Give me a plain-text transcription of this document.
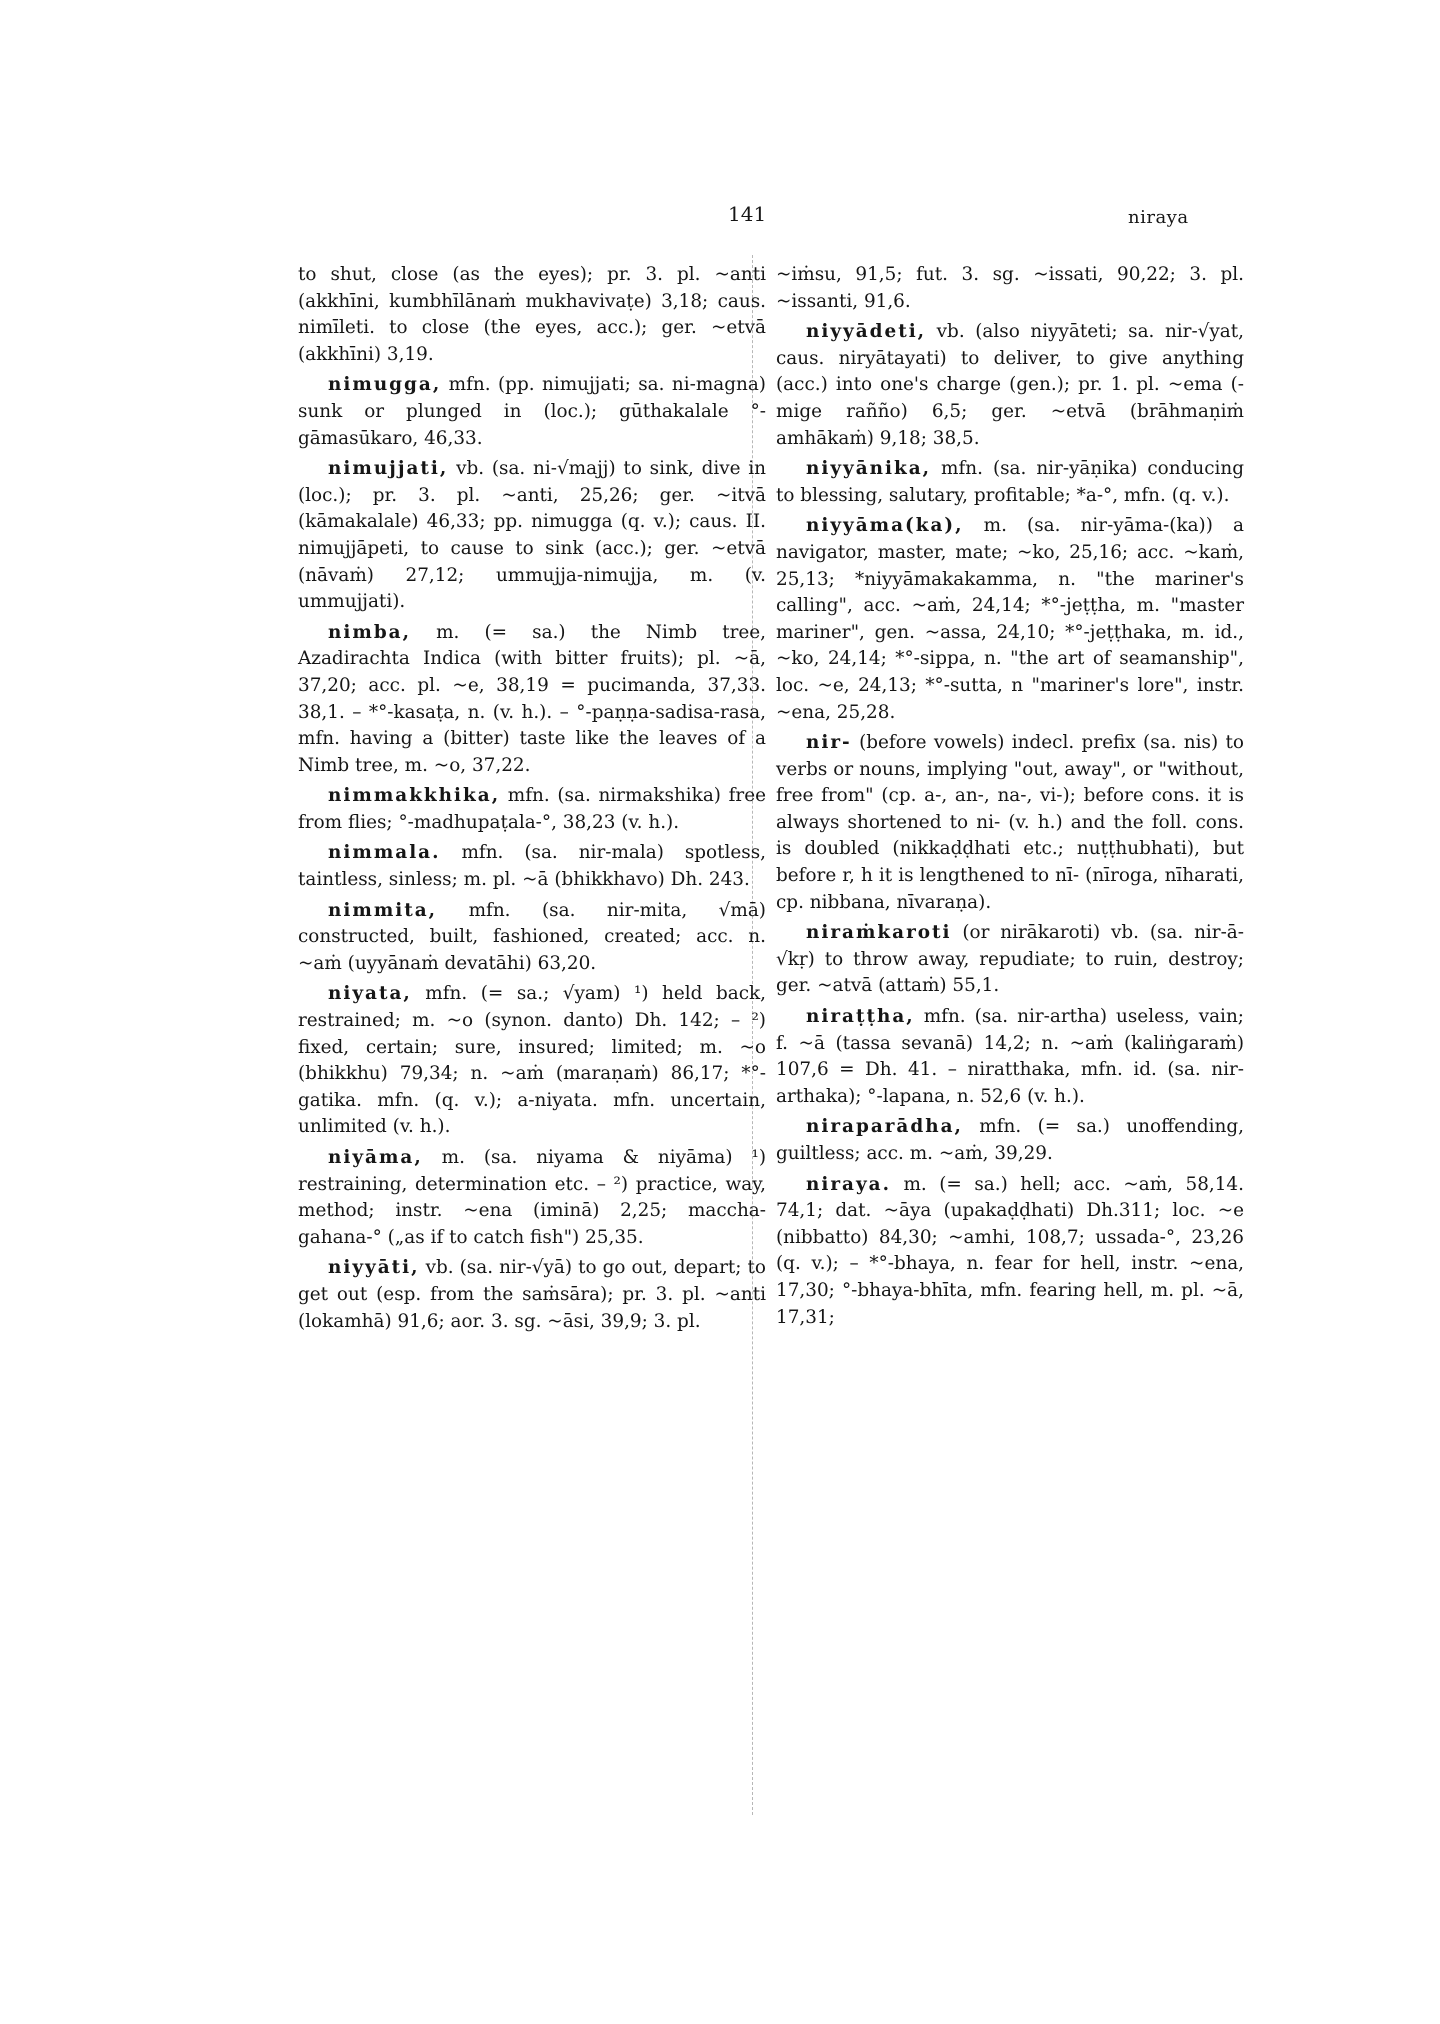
141	niraya

to shut, close (as the eyes); pr. 3. pl. ~anti (akkhīni, kumbhīlānaṁ mukhavivaṭe) 3,18; caus. nimīleti. to close (the eyes, acc.); ger. ~etvā (akkhīni) 3,19.

nimugga, mfn. (pp. nimujjati; sa. ni-magna) sunk or plunged in (loc.); gūthakalale °-gāmasūkaro, 46,33.

nimujjati, vb. (sa. ni-√majj) to sink, dive in (loc.); pr. 3. pl. ~anti, 25,26; ger. ~itvā (kāmakalale) 46,33; pp. nimugga (q. v.); caus. II. nimujjāpeti, to cause to sink (acc.); ger. ~etvā (nāvaṁ) 27,12; ummujja-nimujja, m. (v. ummujjati).

nimba, m. (= sa.) the Nimb tree, Azadirachta Indica (with bitter fruits); pl. ~ā, 37,20; acc. pl. ~e, 38,19 = pucimanda, 37,33. 38,1. – *°-kasaṭa, n. (v. h.). – °-paṇṇa-sadisa-rasa, mfn. having a (bitter) taste like the leaves of a Nimb tree, m. ~o, 37,22.

nimmakkhika, mfn. (sa. nirmakshika) free from flies; °-madhupaṭala-°, 38,23 (v. h.).

nimmala. mfn. (sa. nir-mala) spotless, taintless, sinless; m. pl. ~ā (bhikkhavo) Dh. 243.

nimmita, mfn. (sa. nir-mita, √mā) constructed, built, fashioned, created; acc. n. ~aṁ (uyyānaṁ devatāhi) 63,20.

niyata, mfn. (= sa.; √yam) ¹) held back, restrained; m. ~o (synon. danto) Dh. 142; – ²) fixed, certain; sure, insured; limited; m. ~o (bhikkhu) 79,34; n. ~aṁ (maraṇaṁ) 86,17; *°-gatika. mfn. (q. v.); a-niyata. mfn. uncertain, unlimited (v. h.).

niyāma, m. (sa. niyama & niyāma) ¹) restraining, determination etc. – ²) practice, way, method; instr. ~ena (iminā) 2,25; maccha-gahana-° („as if to catch fish") 25,35.

niyyāti, vb. (sa. nir-√yā) to go out, depart; to get out (esp. from the saṁsāra); pr. 3. pl. ~anti (lokamhā) 91,6; aor. 3. sg. ~āsi, 39,9; 3. pl.

~iṁsu, 91,5; fut. 3. sg. ~issati, 90,22; 3. pl. ~issanti, 91,6.

niyyādeti, vb. (also niyyāteti; sa. nir-√yat, caus. niryātayati) to deliver, to give anything (acc.) into one's charge (gen.); pr. 1. pl. ~ema (-mige rañño) 6,5; ger. ~etvā (brāhmaṇiṁ amhākaṁ) 9,18; 38,5.

niyyānika, mfn. (sa. nir-yāṇika) conducing to blessing, salutary, profitable; *a-°, mfn. (q. v.).

niyyāma(ka), m. (sa. nir-yāma-(ka)) a navigator, master, mate; ~ko, 25,16; acc. ~kaṁ, 25,13; *niyyāmakakamma, n. "the mariner's calling", acc. ~aṁ, 24,14; *°-jeṭṭha, m. "master mariner", gen. ~assa, 24,10; *°-jeṭṭhaka, m. id., ~ko, 24,14; *°-sippa, n. "the art of seamanship", loc. ~e, 24,13; *°-sutta, n "mariner's lore", instr. ~ena, 25,28.

nir- (before vowels) indecl. prefix (sa. nis) to verbs or nouns, implying "out, away", or "without, free from" (cp. a-, an-, na-, vi-); before cons. it is always shortened to ni- (v. h.) and the foll. cons. is doubled (nikkaḍḍhati etc.; nuṭṭhubhati), but before r, h it is lengthened to nī- (nīroga, nīharati, cp. nibbana, nīvaraṇa).

niraṁkaroti (or nirākaroti) vb. (sa. nir-ā-√kṛ) to throw away, repudiate; to ruin, destroy; ger. ~atvā (attaṁ) 55,1.

niraṭṭha, mfn. (sa. nir-artha) useless, vain; f. ~ā (tassa sevanā) 14,2; n. ~aṁ (kaliṅgaraṁ) 107,6 = Dh. 41. – niratthaka, mfn. id. (sa. nir-arthaka); °-lapana, n. 52,6 (v. h.).

niraparādha, mfn. (= sa.) unoffending, guiltless; acc. m. ~aṁ, 39,29.

niraya. m. (= sa.) hell; acc. ~aṁ, 58,14. 74,1; dat. ~āya (upakaḍḍhati) Dh.311; loc. ~e (nibbatto) 84,30; ~amhi, 108,7; ussada-°, 23,26 (q. v.); – *°-bhaya, n. fear for hell, instr. ~ena, 17,30; °-bhaya-bhīta, mfn. fearing hell, m. pl. ~ā, 17,31;
